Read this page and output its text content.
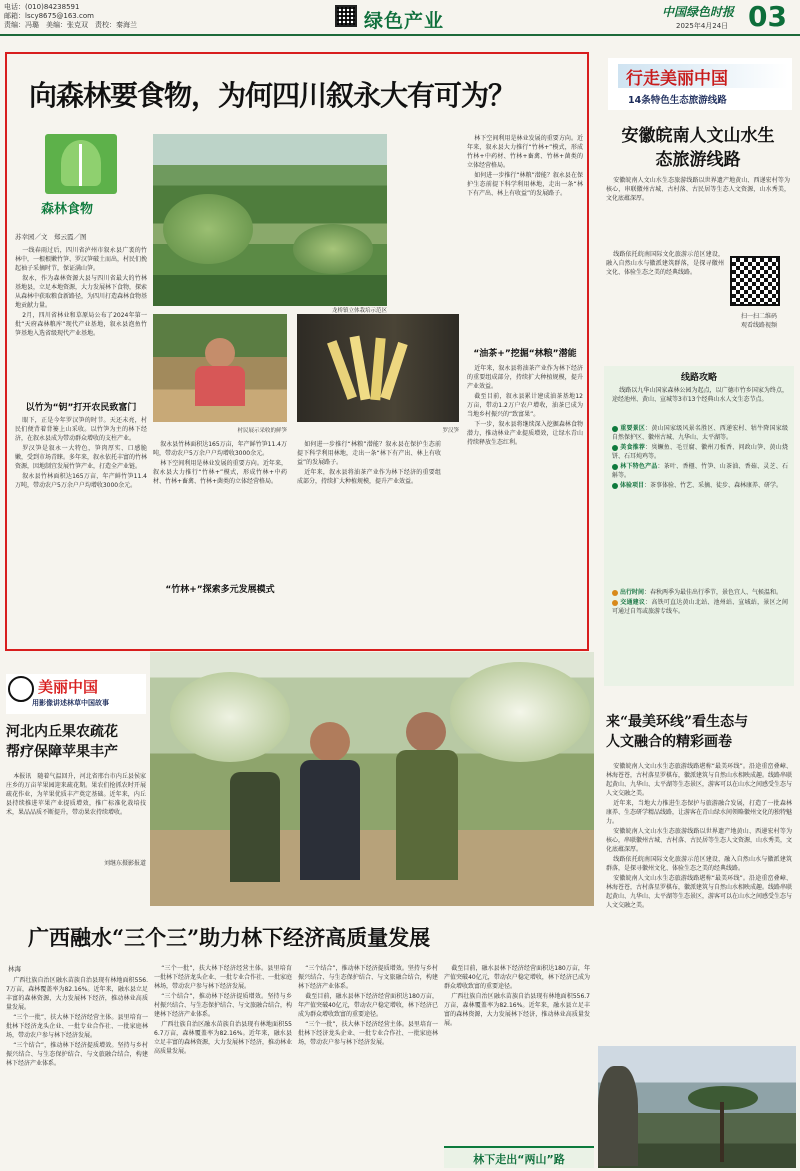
电话：(010)84238591
邮箱：lscy8675@163.com
责编：冯璐　美编：张克双　责校：秦海兰	绿色产业	中国绿色时报
2025年4月24日 03
向森林要食物，为何四川叙永大有可为？
森林食物
苏幸园／文　郑云霞／图
龙桥镇立体栽培示范区
村民展示采收的鲜笋	罗汉笋

一线春雨过后，四川省泸州市叙永县广袤的竹林中，一根根嫩竹笋、罗汉笋破土而出，村民们挽起袖子采摘时节，保证满山笋。

叙永，作为森林资源大县与四川省最大的竹林基地县，立足本地资源，大力发展林下食物，探索从森林中获取粮食新路径，为四川打造森林食物基地贡献力量。

2月，四川省林业和草原局公布了2024年第一批“天府森林粮库”现代产业基地，叙永县泡鱼竹笋基地入选省级现代产业基地。

以竹为“钥”打开农民致富门

眼下，正是今年罗汉笋的时节。天还未亮，村民们便背着背篓上山采收。以竹笋为主的林下经济，在叙永县成为带动群众增收的支柱产业。

罗汉笋是叙永一大特色，笋肉厚实、口感脆嫩，受到市场青睐。多年来，叙永依托丰富的竹林资源，因地制宜发展竹笋产业，打造全产业链。

叙永县竹林面积达165万亩，年产鲜竹笋11.4万吨，带动农户5万余户户均增收3000余元。

叙永县竹林面积达165万亩，年产鲜竹笋11.4万吨，带动农户5万余户户均增收3000余元。

林下空间利用是林业发展的重要方向。近年来，叙永县大力推行“竹林+”模式，形成竹林+中药材、竹林+畜禽、竹林+菌类的立体经营格局。

“竹林+”探索多元发展模式

如何进一步推行“林粮”潜能？叙永县在保护生态前提下科学利用林地，走出一条“林下有产出、林上有收益”的发展路子。

近年来，叙永县将油茶产业作为林下经济的重要组成部分，持续扩大种植规模，提升产业效益。

林下空间利用是林业发展的重要方向。近年来，叙永县大力推行“竹林+”模式，形成竹林+中药材、竹林+畜禽、竹林+菌类的立体经营格局。

如何进一步推行“林粮”潜能？叙永县在保护生态前提下科学利用林地，走出一条“林下有产出、林上有收益”的发展路子。

“油茶+”挖掘“林粮”潜能

近年来，叙永县将油茶产业作为林下经济的重要组成部分，持续扩大种植规模，提升产业效益。

截至目前，叙永县累计建成油茶基地12万亩，带动1.2万户农户增收，油茶已成为当地乡村振兴的“致富果”。

下一步，叙永县将继续深入挖掘森林食物潜力，推动林业产业提质增效，让绿水青山持续释放生态红利。

行走美丽中国
14条特色生态旅游线路
安徽皖南人文山水生态旅游线路

安徽皖南人文山水生态旅游线路以世界遗产地黄山、西递宏村等为核心，串联徽州古城、古村落、古民居等生态人文资源，山水秀美，文化底蕴深厚。

线路依托皖南国际文化旅游示范区建设，融入自然山水与徽派建筑群落，是探寻徽州文化、体验生态之美的经典线路。

扫一扫二维码
观看线路视频
线路攻略

线路以九华山国家森林公园为起点，以广德市竹乡国家为终点，途经池州、黄山、宣城等3市13个经典山水人文生态节点。

重要景区：黄山国家级风景名胜区、西递宏村、牯牛降国家级自然保护区、徽州古城、九华山、太平湖等。

美食推荐：臭鳜鱼、毛豆腐、徽州刀板香、问政山笋、黄山烧饼、石耳炖鸡等。

林下特色产品：茶叶、香榧、竹笋、山茶油、香菇、灵芝、石斛等。

体验项目：茶事体验、竹艺、采摘、徒步、森林康养、研学。

出行时间：春秋两季为最佳出行季节，景色宜人、气候温和。

交通建议：高铁可直达黄山北站、池州站、宣城站，景区之间可通过自驾或旅游专线车。

来“最美环线”看生态与
人文融合的精彩画卷

安徽皖南人文山水生态旅游线路堪称“最美环线”。沿途重峦叠嶂、林海苍苍，古村落星罗棋布，徽派建筑与自然山水相映成趣。线路串联起黄山、九华山、太平湖等生态景区，游客可以在山水之间感受生态与人文交融之美。

近年来，当地大力推进生态保护与旅游融合发展，打造了一批森林康养、生态研学精品线路，让游客在青山绿水间领略徽州文化的独特魅力。

安徽皖南人文山水生态旅游线路以世界遗产地黄山、西递宏村等为核心，串联徽州古城、古村落、古民居等生态人文资源，山水秀美，文化底蕴深厚。

线路依托皖南国际文化旅游示范区建设，融入自然山水与徽派建筑群落，是探寻徽州文化、体验生态之美的经典线路。

安徽皖南人文山水生态旅游线路堪称“最美环线”。沿途重峦叠嶂、林海苍苍，古村落星罗棋布，徽派建筑与自然山水相映成趣。线路串联起黄山、九华山、太平湖等生态景区，游客可以在山水之间感受生态与人文交融之美。

美丽中国
用影像讲述林草中国故事
河北内丘果农疏花
帮疗保障苹果丰产

本报讯　随着气温回升，河北省邢台市内丘县侯家庄乡的万亩苹果园迎来疏花期。果农们抢抓农时开展疏花作业，为苹果优质丰产奠定基础。近年来，内丘县持续推进苹果产业提质增效，推广标准化栽培技术，果品品质不断提升，带动果农持续增收。

刘继东摄影报道
广西融水“三个三”助力林下经济高质量发展
林海

广西壮族自治区融水苗族自治县现有林地面积556.7万亩，森林覆盖率为82.16%。近年来，融水县立足丰富的森林资源，大力发展林下经济，推动林业高质量发展。

“三个一批”，扶大林下经济经营主体。县里培育一批林下经济龙头企业、一批专业合作社、一批家庭林场，带动农户参与林下经济发展。

“三个结合”，推动林下经济提质增效。坚持与乡村振兴结合、与生态保护结合、与文旅融合结合，构建林下经济产业体系。

“三个一批”，扶大林下经济经营主体。县里培育一批林下经济龙头企业、一批专业合作社、一批家庭林场，带动农户参与林下经济发展。

“三个结合”，推动林下经济提质增效。坚持与乡村振兴结合、与生态保护结合、与文旅融合结合，构建林下经济产业体系。

广西壮族自治区融水苗族自治县现有林地面积556.7万亩，森林覆盖率为82.16%。近年来，融水县立足丰富的森林资源，大力发展林下经济，推动林业高质量发展。

“三个结合”，推动林下经济提质增效。坚持与乡村振兴结合、与生态保护结合、与文旅融合结合，构建林下经济产业体系。

截至目前，融水县林下经济经营面积达180万亩，年产值突破40亿元，带动农户稳定增收，林下经济已成为群众增收致富的重要途径。

“三个一批”，扶大林下经济经营主体。县里培育一批林下经济龙头企业、一批专业合作社、一批家庭林场，带动农户参与林下经济发展。

截至目前，融水县林下经济经营面积达180万亩，年产值突破40亿元，带动农户稳定增收，林下经济已成为群众增收致富的重要途径。

广西壮族自治区融水苗族自治县现有林地面积556.7万亩，森林覆盖率为82.16%。近年来，融水县立足丰富的森林资源，大力发展林下经济，推动林业高质量发展。

林下走出“两山”路
